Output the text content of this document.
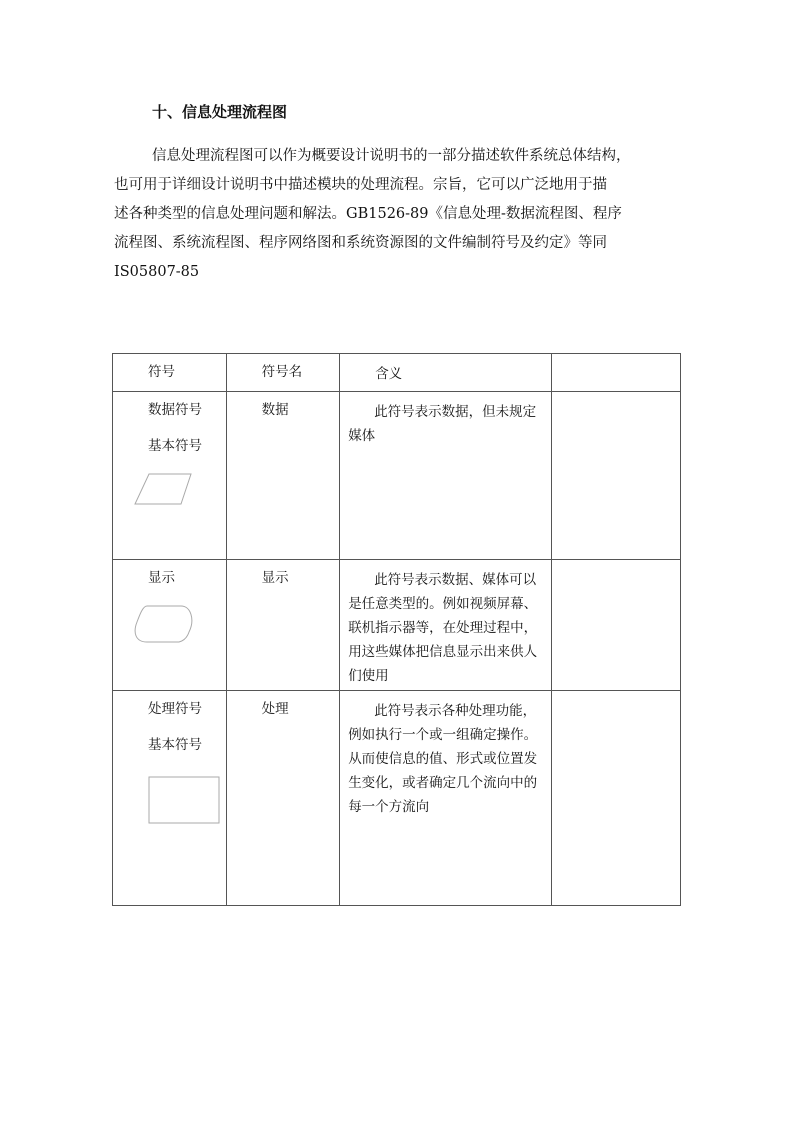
十、信息处理流程图

信息处理流程图可以作为概要设计说明书的一部分描述软件系统总体结构，
也可用于详细设计说明书中描述模块的处理流程。宗旨，它可以广泛地用于描
述各种类型的信息处理问题和解法。GB1526-89《信息处理-数据流程图、程序
流程图、系统流程图、程序网络图和系统资源图的文件编制符号及约定》等同
IS05807-85

符号	符号名	含义	

数据符号
基本符号	数据	此符号表示数据，但未规定媒体	

显示	显示	此符号表示数据、媒体可以是任意类型的。例如视频屏幕、联机指示器等，在处理过程中，用这些媒体把信息显示出来供人们使用	

处理符号
基本符号	处理	此符号表示各种处理功能，例如执行一个或一组确定操作。从而使信息的值、形式或位置发生变化，或者确定几个流向中的每一个方流向	
